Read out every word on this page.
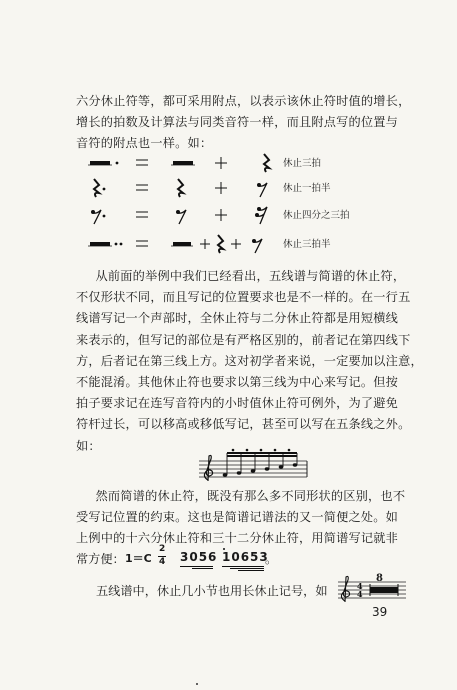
六分休止符等，都可采用附点，以表示该休止符时值的增长，
增长的拍数及计算法与同类音符一样，而且附点写的位置与
音符的附点也一样。如：

休止三拍
休止一拍半
休止四分之三拍
休止三拍半

从前面的举例中我们已经看出，五线谱与简谱的休止符，
不仅形状不同，而且写记的位置要求也是不一样的。在一行五
线谱写记一个声部时，全休止符与二分休止符都是用短横线
来表示的，但写记的部位是有严格区别的，前者记在第四线下
方，后者记在第三线上方。这对初学者来说，一定要加以注意，
不能混淆。其他休止符也要求以第三线为中心来写记。但按
拍子要求记在连写音符内的小时值休止符可例外，为了避免
符杆过长，可以移高或移低写记，甚至可以写在五条线之外。
如：

然而简谱的休止符，既没有那么多不同形状的区别，也不
受写记位置的约束。这也是简谱记谱法的又一简便之处。如
上例中的十六分休止符和三十二分休止符，用简谱写记就非

常方便： 1＝C
2
4 3056 10653
。
五线谱中，休止几小节也用长休止记号，如	4
4
8
39
